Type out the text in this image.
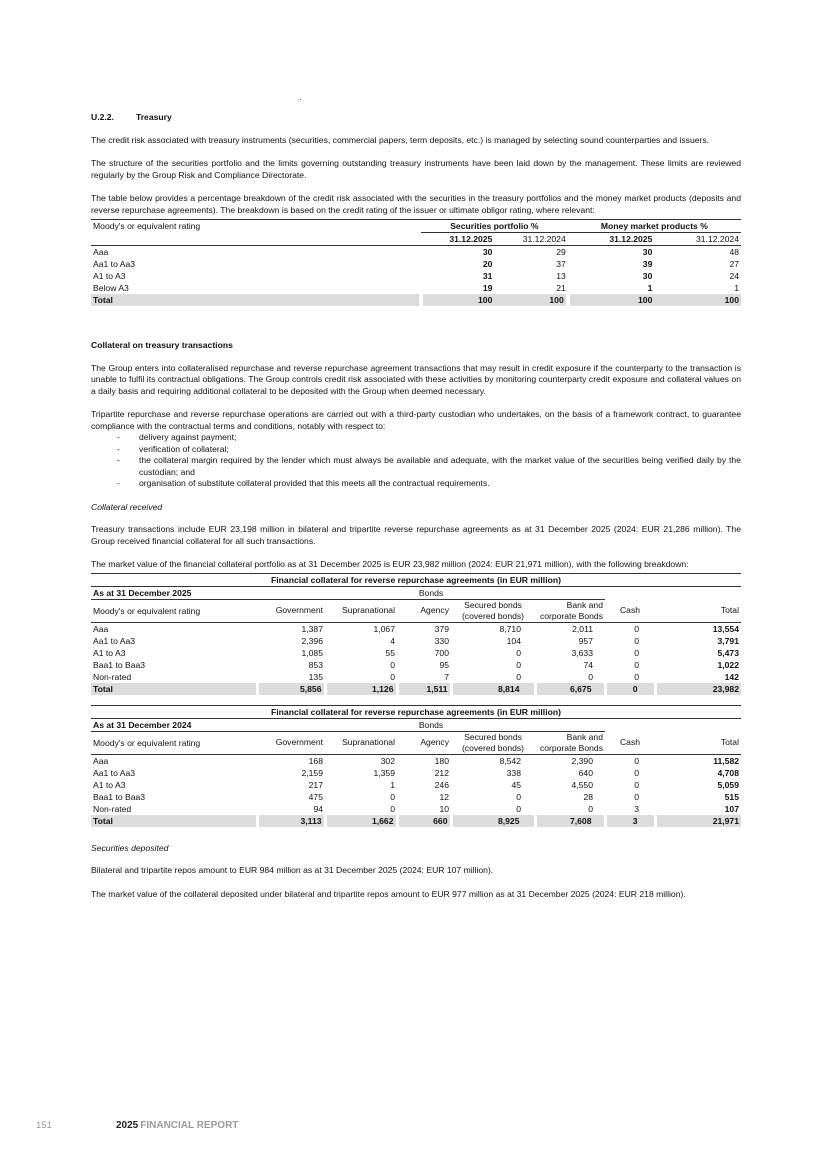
U.2.2.	Treasury

The credit risk associated with treasury instruments (securities, commercial papers, term deposits, etc.) is managed by selecting sound counterparties and issuers.

The structure of the securities portfolio and the limits governing outstanding treasury instruments have been laid down by the management. These limits are reviewed regularly by the Group Risk and Compliance Directorate.

The table below provides a percentage breakdown of the credit risk associated with the securities in the treasury portfolios and the money market products (deposits and reverse repurchase agreements). The breakdown is based on the credit rating of the issuer or ultimate obligor rating, where relevant:

Moody's or equivalent rating	Securities portfolio %		Money market products %	
	31.12.2025	31.12.2024	31.12.2025	31.12.2024
Aaa	30	29	30	48
Aa1 to Aa3	20	37	39	27
A1 to A3	31	13	30	24
Below A3	19	21	1	1
Total	100	100	100	100
Collateral on treasury transactions

The Group enters into collateralised repurchase and reverse repurchase agreement transactions that may result in credit exposure if the counterparty to the transaction is unable to fulfil its contractual obligations. The Group controls credit risk associated with these activities by monitoring counterparty credit exposure and collateral values on a daily basis and requiring additional collateral to be deposited with the Group when deemed necessary.

Tripartite repurchase and reverse repurchase operations are carried out with a third-party custodian who undertakes, on the basis of a framework contract, to guarantee compliance with the contractual terms and conditions, notably with respect to:

- delivery against payment;
- verification of collateral;
- the collateral margin required by the lender which must always be available and adequate, with the market value of the securities being verified daily by the custodian; and
- organisation of substitute collateral provided that this meets all the contractual requirements.
Collateral received

Treasury transactions include EUR 23,198 million in bilateral and tripartite reverse repurchase agreements as at 31 December 2025 (2024: EUR 21,286 million). The Group received financial collateral for all such transactions.

The market value of the financial collateral portfolio as at 31 December 2025 is EUR 23,982 million (2024: EUR 21,971 million), with the following breakdown:

Financial collateral for reverse repurchase agreements (in EUR million)							
As at 31 December 2025	Bonds						
Moody's or equivalent rating	Government	Supranational	Agency	Secured bonds (covered bonds)	Bank and corporate Bonds	Cash	Total
Aaa	1,387	1,067	379	8,710	2,011	0	13,554
Aa1 to Aa3	2,396	4	330	104	957	0	3,791
A1 to A3	1,085	55	700	0	3,633	0	5,473
Baa1 to Baa3	853	0	95	0	74	0	1,022
Non-rated	135	0	7	0	0	0	142
Total	5,856	1,126	1,511	8,814	6,675	0	23,982
Financial collateral for reverse repurchase agreements (in EUR million)							
As at 31 December 2024	Bonds						
Moody's or equivalent rating	Government	Supranational	Agency	Secured bonds (covered bonds)	Bank and corporate Bonds	Cash	Total
Aaa	168	302	180	8,542	2,390	0	11,582
Aa1 to Aa3	2,159	1,359	212	338	640	0	4,708
A1 to A3	217	1	246	45	4,550	0	5,059
Baa1 to Baa3	475	0	12	0	28	0	515
Non-rated	94	0	10	0	0	3	107
Total	3,113	1,662	660	8,925	7,608	3	21,971
Securities deposited

Bilateral and tripartite repos amount to EUR 984 million as at 31 December 2025 (2024: EUR 107 million).

The market value of the collateral deposited under bilateral and tripartite repos amount to EUR 977 million as at 31 December 2025 (2024: EUR 218 million).

151	2025 FINANCIAL REPORT
